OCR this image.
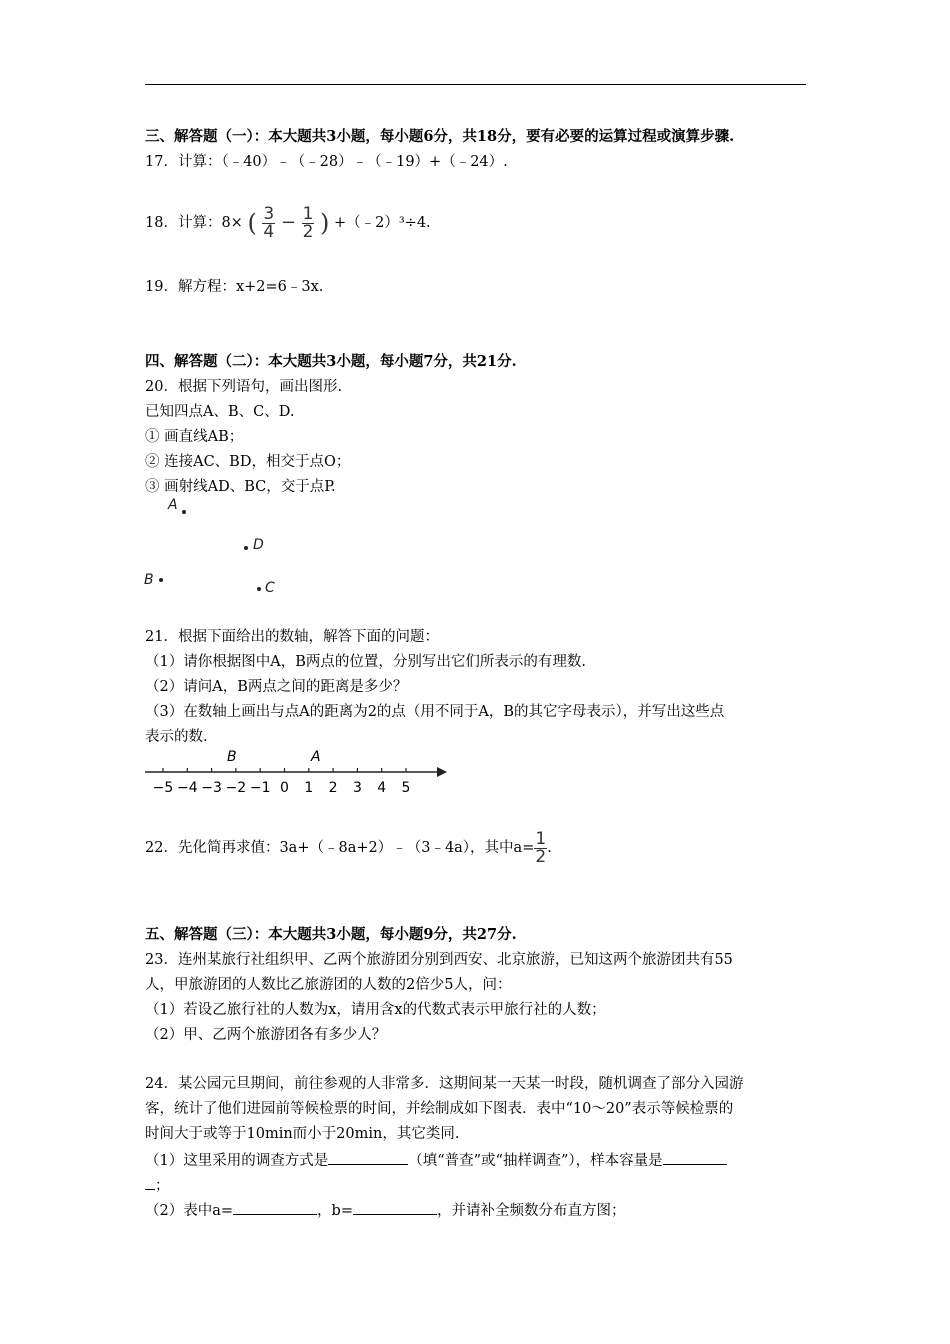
三、解答题（一）：本大题共3小题，每小题6分，共18分，要有必要的运算过程或演算步骤.
17．计算：（﹣40）﹣（﹣28）﹣（﹣19）+（﹣24）.
18．计算：8× ( $\frac{3}{4} - \frac{1}{2}$ ) +（﹣2）³÷4.
19．解方程：x+2=6﹣3x.
四、解答题（二）：本大题共3小题，每小题7分，共21分.
20．根据下列语句，画出图形.
已知四点A、B、C、D.
① 画直线AB；
② 连接AC、BD，相交于点O；
③ 画射线AD、BC，交于点P.
A
D
B	C
21．根据下面给出的数轴，解答下面的问题：
（1）请你根据图中A，B两点的位置，分别写出它们所表示的有理数.
（2）请问A，B两点之间的距离是多少？
（3）在数轴上画出与点A的距离为2的点（用不同于A，B的其它字母表示），并写出这些点
表示的数.
−5 −4 −3 −2 −1 0 1 2 3 4 5
B	A
22．先化简再求值：3a+（﹣8a+2）﹣（3﹣4a），其中$a= \frac{1}{2}$ .
五、解答题（三）：本大题共3小题，每小题9分，共27分.
23．连州某旅行社组织甲、乙两个旅游团分别到西安、北京旅游，已知这两个旅游团共有55
人，甲旅游团的人数比乙旅游团的人数的2倍少5人，问：
（1）若设乙旅行社的人数为x，请用含x的代数式表示甲旅行社的人数；
（2）甲、乙两个旅游团各有多少人？
24．某公园元旦期间，前往参观的人非常多．这期间某一天某一时段，随机调查了部分入园游
客，统计了他们进园前等候检票的时间，并绘制成如下图表．表中“10～20”表示等候检票的
时间大于或等于10min而小于20min，其它类同.
（1）这里采用的调查方式是	（填“普查”或“抽样调查”），样本容量是
；
（2）表中a=	，b=	，并请补全频数分布直方图；
